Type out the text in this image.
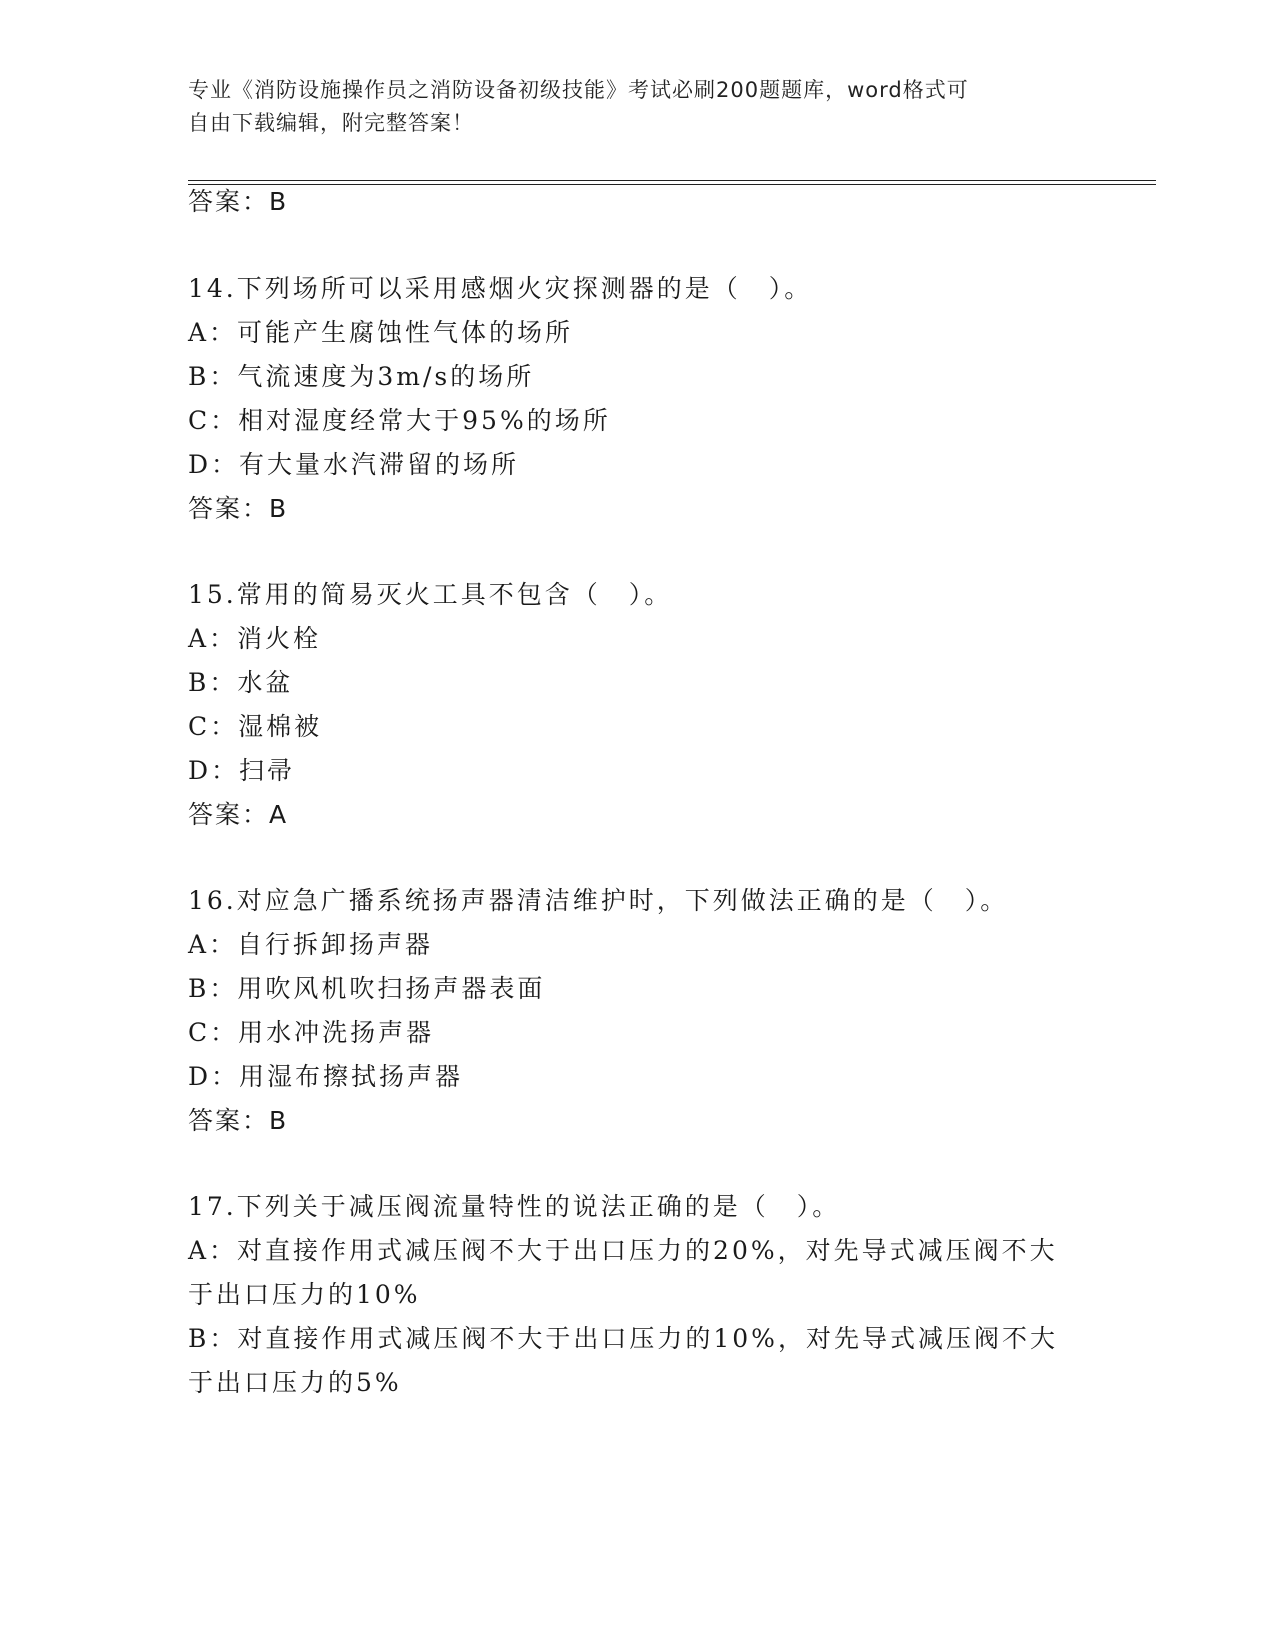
专业《消防设施操作员之消防设备初级技能》考试必刷200题题库，word格式可
自由下载编辑，附完整答案！
答案：B
14.下列场所可以采用感烟火灾探测器的是（　）。
A：可能产生腐蚀性气体的场所
B：气流速度为3m/s的场所
C：相对湿度经常大于95%的场所
D：有大量水汽滞留的场所
答案：B
15.常用的简易灭火工具不包含（　）。
A：消火栓
B：水盆
C：湿棉被
D：扫帚
答案：A
16.对应急广播系统扬声器清洁维护时，下列做法正确的是（　）。
A：自行拆卸扬声器
B：用吹风机吹扫扬声器表面
C：用水冲洗扬声器
D：用湿布擦拭扬声器
答案：B
17.下列关于减压阀流量特性的说法正确的是（　）。
A：对直接作用式减压阀不大于出口压力的20%，对先导式减压阀不大
于出口压力的10%
B：对直接作用式减压阀不大于出口压力的10%，对先导式减压阀不大
于出口压力的5%
